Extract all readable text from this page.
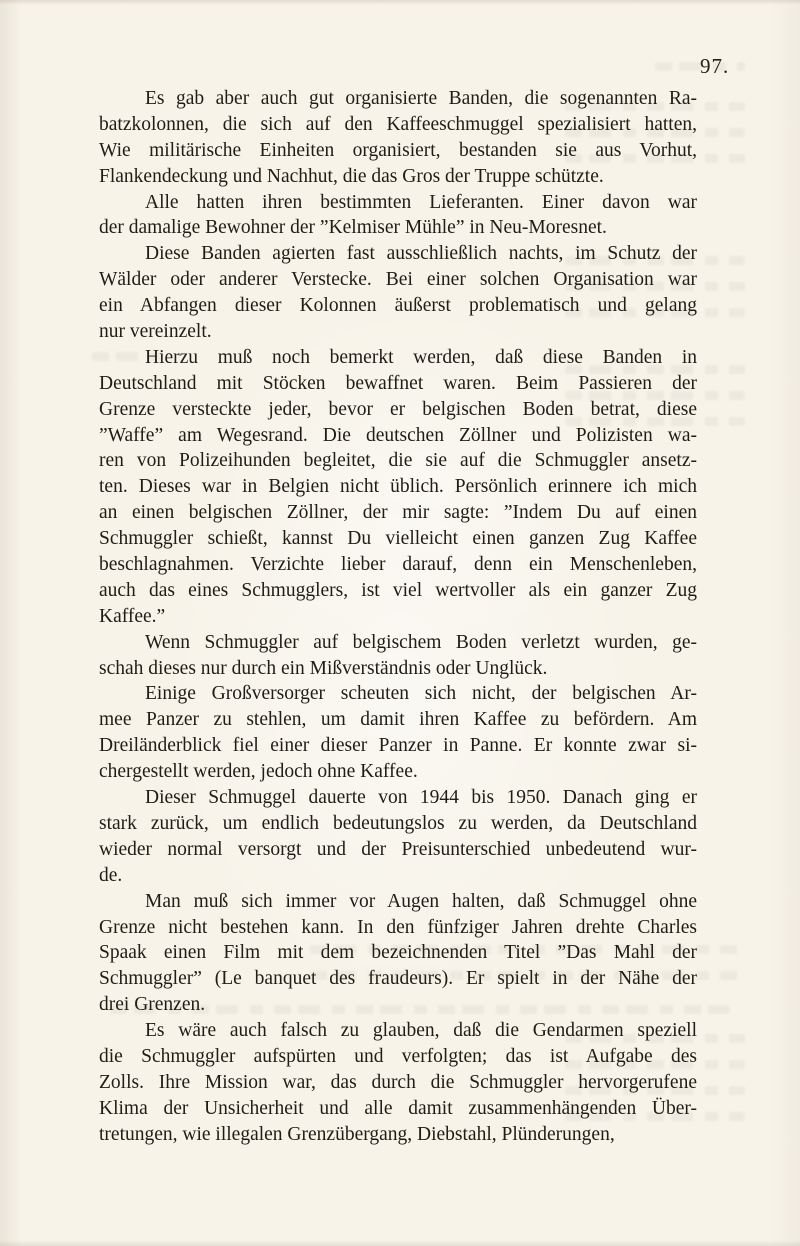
97.
Es gab aber auch gut organisierte Banden, die sogenannten Ra-
batzkolonnen, die sich auf den Kaffeeschmuggel spezialisiert hatten,
Wie militärische Einheiten organisiert, bestanden sie aus Vorhut,
Flankendeckung und Nachhut, die das Gros der Truppe schützte.
Alle hatten ihren bestimmten Lieferanten. Einer davon war
der damalige Bewohner der ”Kelmiser Mühle” in Neu-Moresnet.
Diese Banden agierten fast ausschließlich nachts, im Schutz der
Wälder oder anderer Verstecke. Bei einer solchen Organisation war
ein Abfangen dieser Kolonnen äußerst problematisch und gelang
nur vereinzelt.
Hierzu muß noch bemerkt werden, daß diese Banden in
Deutschland mit Stöcken bewaffnet waren. Beim Passieren der
Grenze versteckte jeder, bevor er belgischen Boden betrat, diese
”Waffe” am Wegesrand. Die deutschen Zöllner und Polizisten wa-
ren von Polizeihunden begleitet, die sie auf die Schmuggler ansetz-
ten. Dieses war in Belgien nicht üblich. Persönlich erinnere ich mich
an einen belgischen Zöllner, der mir sagte: ”Indem Du auf einen
Schmuggler schießt, kannst Du vielleicht einen ganzen Zug Kaffee
beschlagnahmen. Verzichte lieber darauf, denn ein Menschenleben,
auch das eines Schmugglers, ist viel wertvoller als ein ganzer Zug
Kaffee.”
Wenn Schmuggler auf belgischem Boden verletzt wurden, ge-
schah dieses nur durch ein Mißverständnis oder Unglück.
Einige Großversorger scheuten sich nicht, der belgischen Ar-
mee Panzer zu stehlen, um damit ihren Kaffee zu befördern. Am
Dreiländerblick fiel einer dieser Panzer in Panne. Er konnte zwar si-
chergestellt werden, jedoch ohne Kaffee.
Dieser Schmuggel dauerte von 1944 bis 1950. Danach ging er
stark zurück, um endlich bedeutungslos zu werden, da Deutschland
wieder normal versorgt und der Preisunterschied unbedeutend wur-
de.
Man muß sich immer vor Augen halten, daß Schmuggel ohne
Grenze nicht bestehen kann. In den fünfziger Jahren drehte Charles
Spaak einen Film mit dem bezeichnenden Titel ”Das Mahl der
Schmuggler” (Le banquet des fraudeurs). Er spielt in der Nähe der
drei Grenzen.
Es wäre auch falsch zu glauben, daß die Gendarmen speziell
die Schmuggler aufspürten und verfolgten; das ist Aufgabe des
Zolls. Ihre Mission war, das durch die Schmuggler hervorgerufene
Klima der Unsicherheit und alle damit zusammenhängenden Über-
tretungen, wie illegalen Grenzübergang, Diebstahl, Plünderungen,
